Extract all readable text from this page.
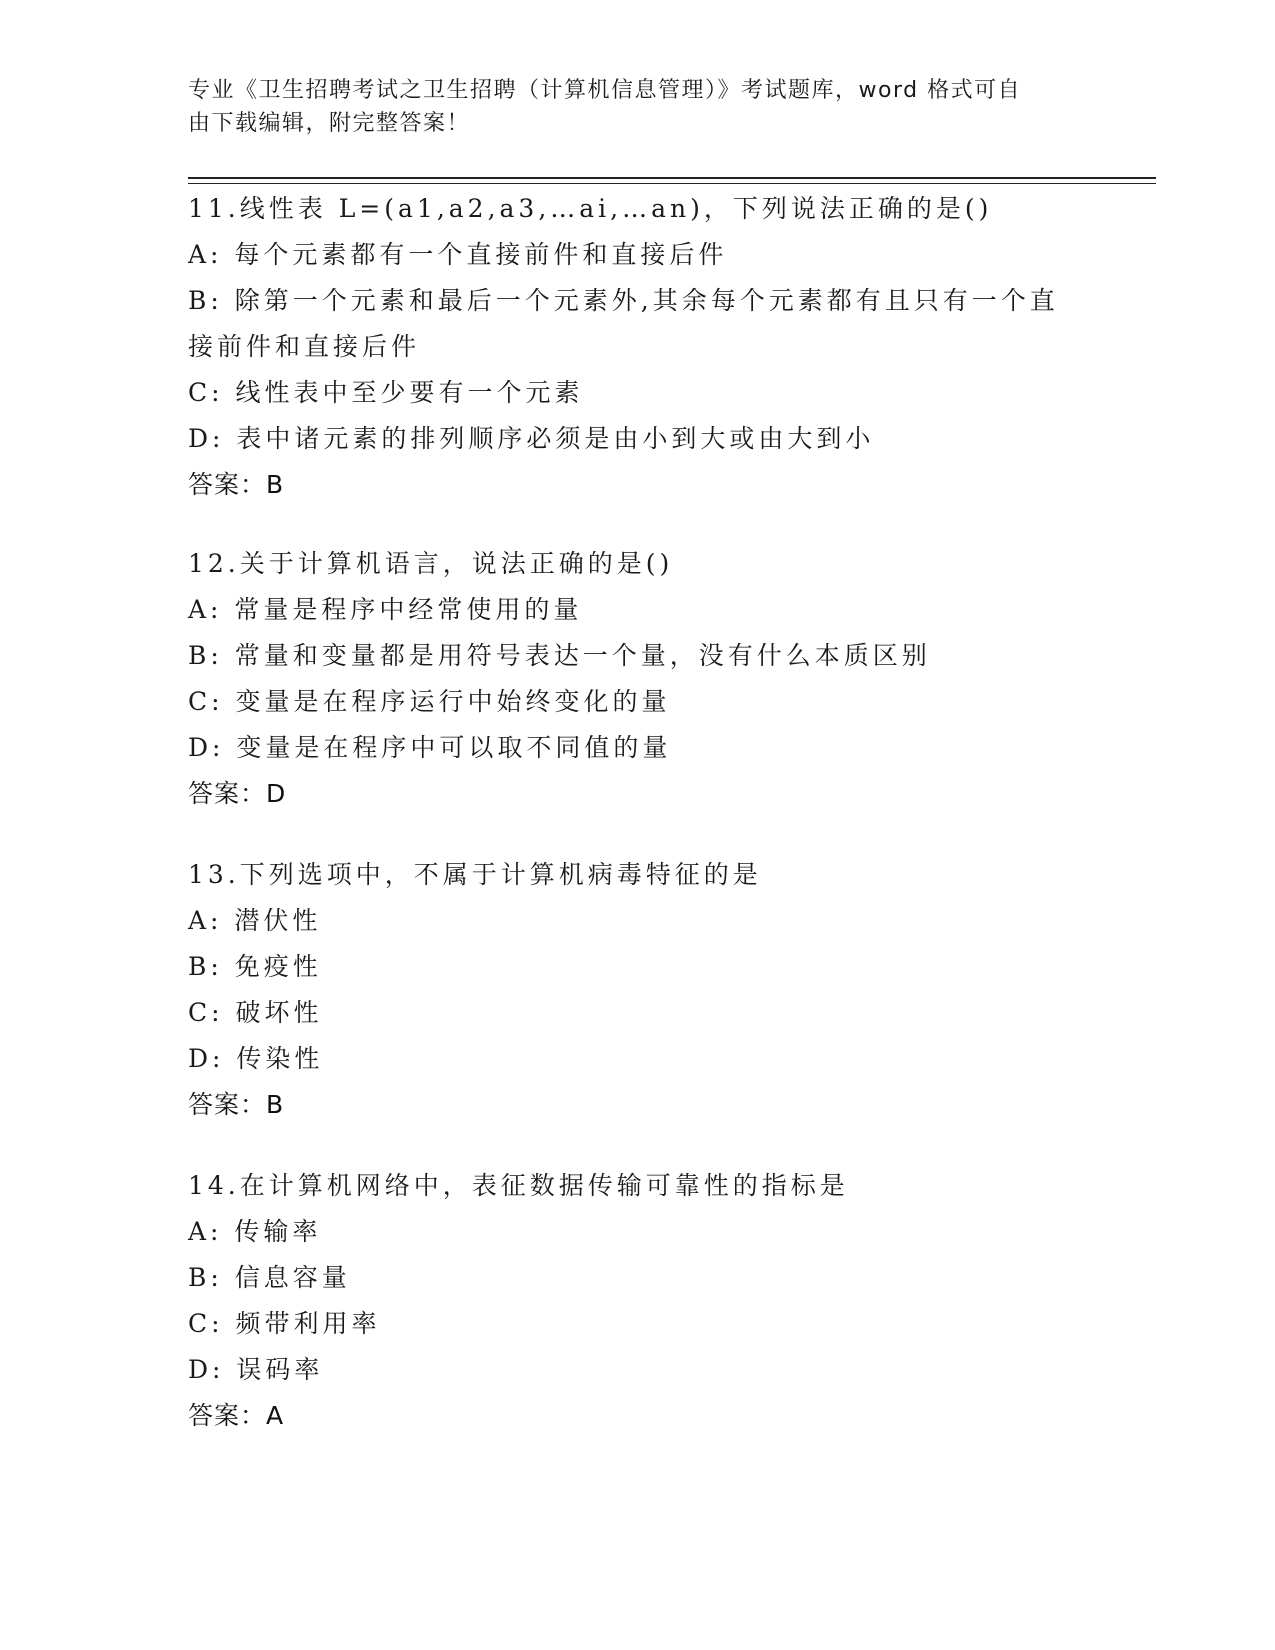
专业《卫生招聘考试之卫生招聘（计算机信息管理）》考试题库，word 格式可自
由下载编辑，附完整答案！
11.线性表 L=(a1,a2,a3,…ai,…an)，下列说法正确的是()
A: 每个元素都有一个直接前件和直接后件
B: 除第一个元素和最后一个元素外,其余每个元素都有且只有一个直
接前件和直接后件
C: 线性表中至少要有一个元素
D: 表中诸元素的排列顺序必须是由小到大或由大到小
答案：B
12.关于计算机语言，说法正确的是()
A: 常量是程序中经常使用的量
B: 常量和变量都是用符号表达一个量，没有什么本质区别
C: 变量是在程序运行中始终变化的量
D: 变量是在程序中可以取不同值的量
答案：D
13.下列选项中，不属于计算机病毒特征的是
A: 潜伏性
B: 免疫性
C: 破坏性
D: 传染性
答案：B
14.在计算机网络中，表征数据传输可靠性的指标是
A: 传输率
B: 信息容量
C: 频带利用率
D: 误码率
答案：A
